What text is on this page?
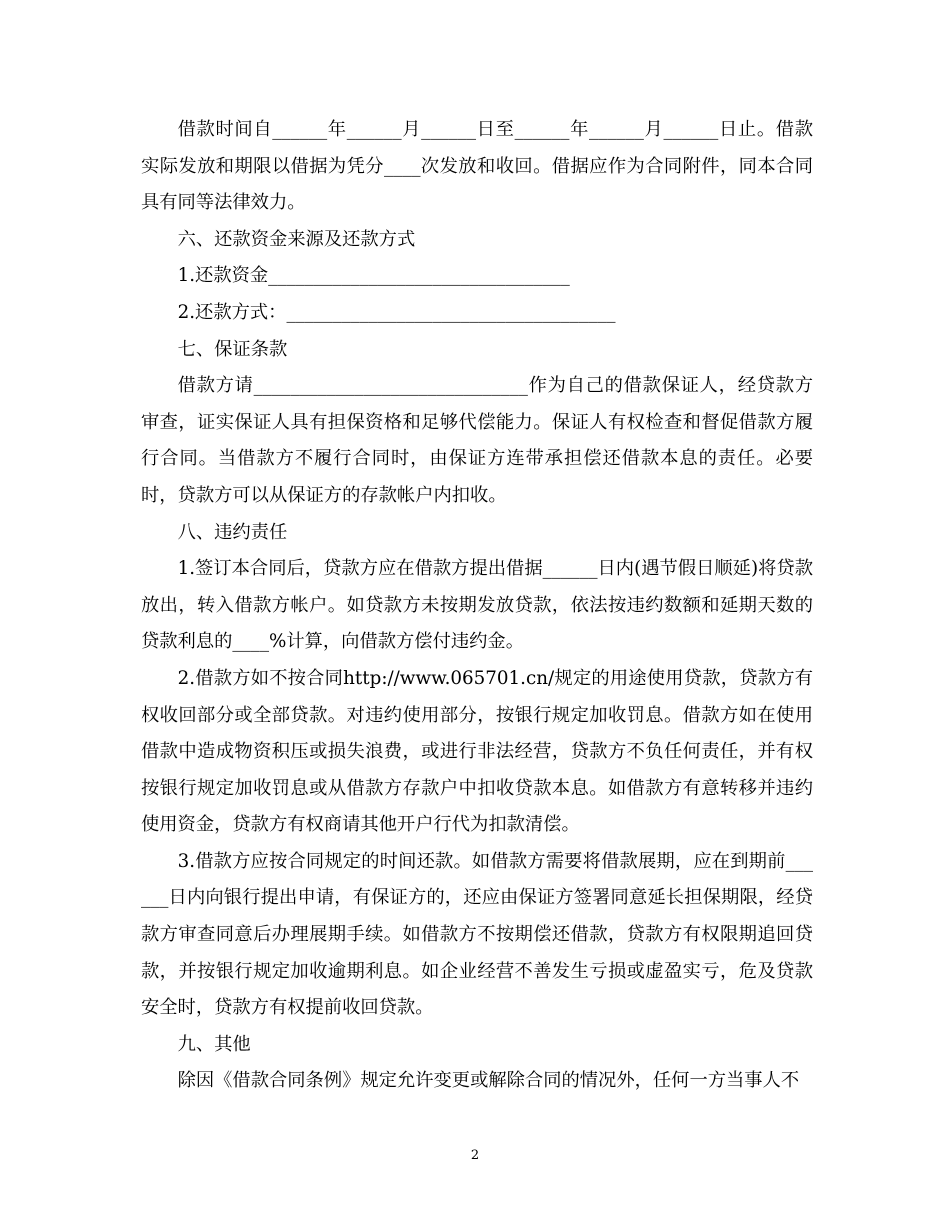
借款时间自______年______月______日至______年______月______日止。借款实际发放和期限以借据为凭分____次发放和收回。借据应作为合同附件，同本合同具有同等法律效力。

六、还款资金来源及还款方式

1.还款资金_________________________________

2.还款方式：____________________________________

七、保证条款

借款方请______________________________作为自己的借款保证人，经贷款方审查，证实保证人具有担保资格和足够代偿能力。保证人有权检查和督促借款方履行合同。当借款方不履行合同时，由保证方连带承担偿还借款本息的责任。必要时，贷款方可以从保证方的存款帐户内扣收。

八、违约责任

1.签订本合同后，贷款方应在借款方提出借据______日内(遇节假日顺延)将贷款放出，转入借款方帐户。如贷款方未按期发放贷款，依法按违约数额和延期天数的贷款利息的____%计算，向借款方偿付违约金。

2.借款方如不按合同http://www.065701.cn/规定的用途使用贷款，贷款方有权收回部分或全部贷款。对违约使用部分，按银行规定加收罚息。借款方如在使用借款中造成物资积压或损失浪费，或进行非法经营，贷款方不负任何责任，并有权按银行规定加收罚息或从借款方存款户中扣收贷款本息。如借款方有意转移并违约使用资金，贷款方有权商请其他开户行代为扣款清偿。

3.借款方应按合同规定的时间还款。如借款方需要将借款展期，应在到期前______日内向银行提出申请，有保证方的，还应由保证方签署同意延长担保期限，经贷款方审查同意后办理展期手续。如借款方不按期偿还借款，贷款方有权限期追回贷款，并按银行规定加收逾期利息。如企业经营不善发生亏损或虚盈实亏，危及贷款安全时，贷款方有权提前收回贷款。

九、其他

除因《借款合同条例》规定允许变更或解除合同的情况外，任何一方当事人不

2
